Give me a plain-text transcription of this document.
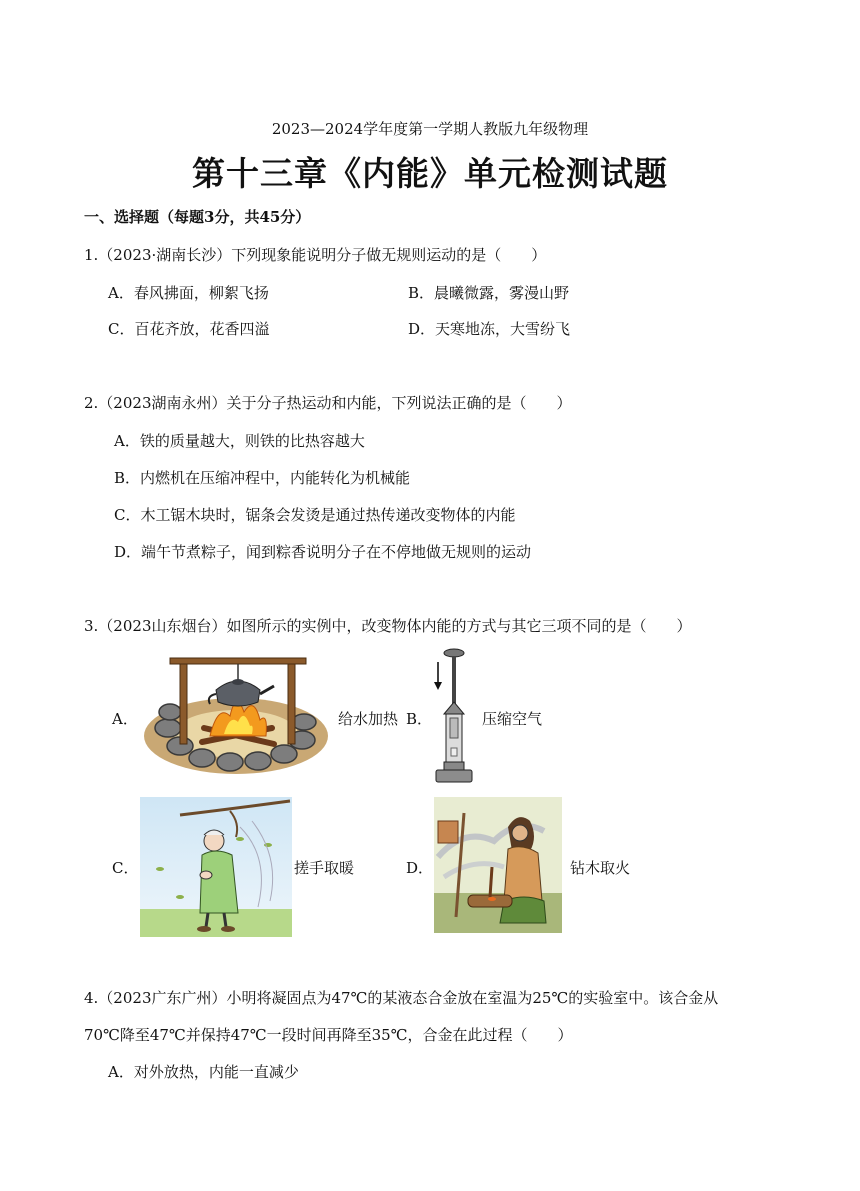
2023—2024学年度第一学期人教版九年级物理
第十三章《内能》单元检测试题
一、选择题（每题3分，共45分）
1.（2023·湖南长沙）下列现象能说明分子做无规则运动的是（　　）
A．春风拂面，柳絮飞扬	B．晨曦微露，雾漫山野
C．百花齐放，花香四溢	D．天寒地冻，大雪纷飞
2.（2023湖南永州）关于分子热运动和内能，下列说法正确的是（　　）
A．铁的质量越大，则铁的比热容越大
B．内燃机在压缩冲程中，内能转化为机械能
C．木工锯木块时，锯条会发烫是通过热传递改变物体的内能
D．端午节煮粽子，闻到粽香说明分子在不停地做无规则的运动
3.（2023山东烟台）如图所示的实例中，改变物体内能的方式与其它三项不同的是（　　）
A．	给水加热 B．	压缩空气
C．	搓手取暖	D．	钻木取火
4.（2023广东广州）小明将凝固点为47℃的某液态合金放在室温为25℃的实验室中。该合金从
70℃降至47℃并保持47℃一段时间再降至35℃，合金在此过程（　　）
A．对外放热，内能一直减少
